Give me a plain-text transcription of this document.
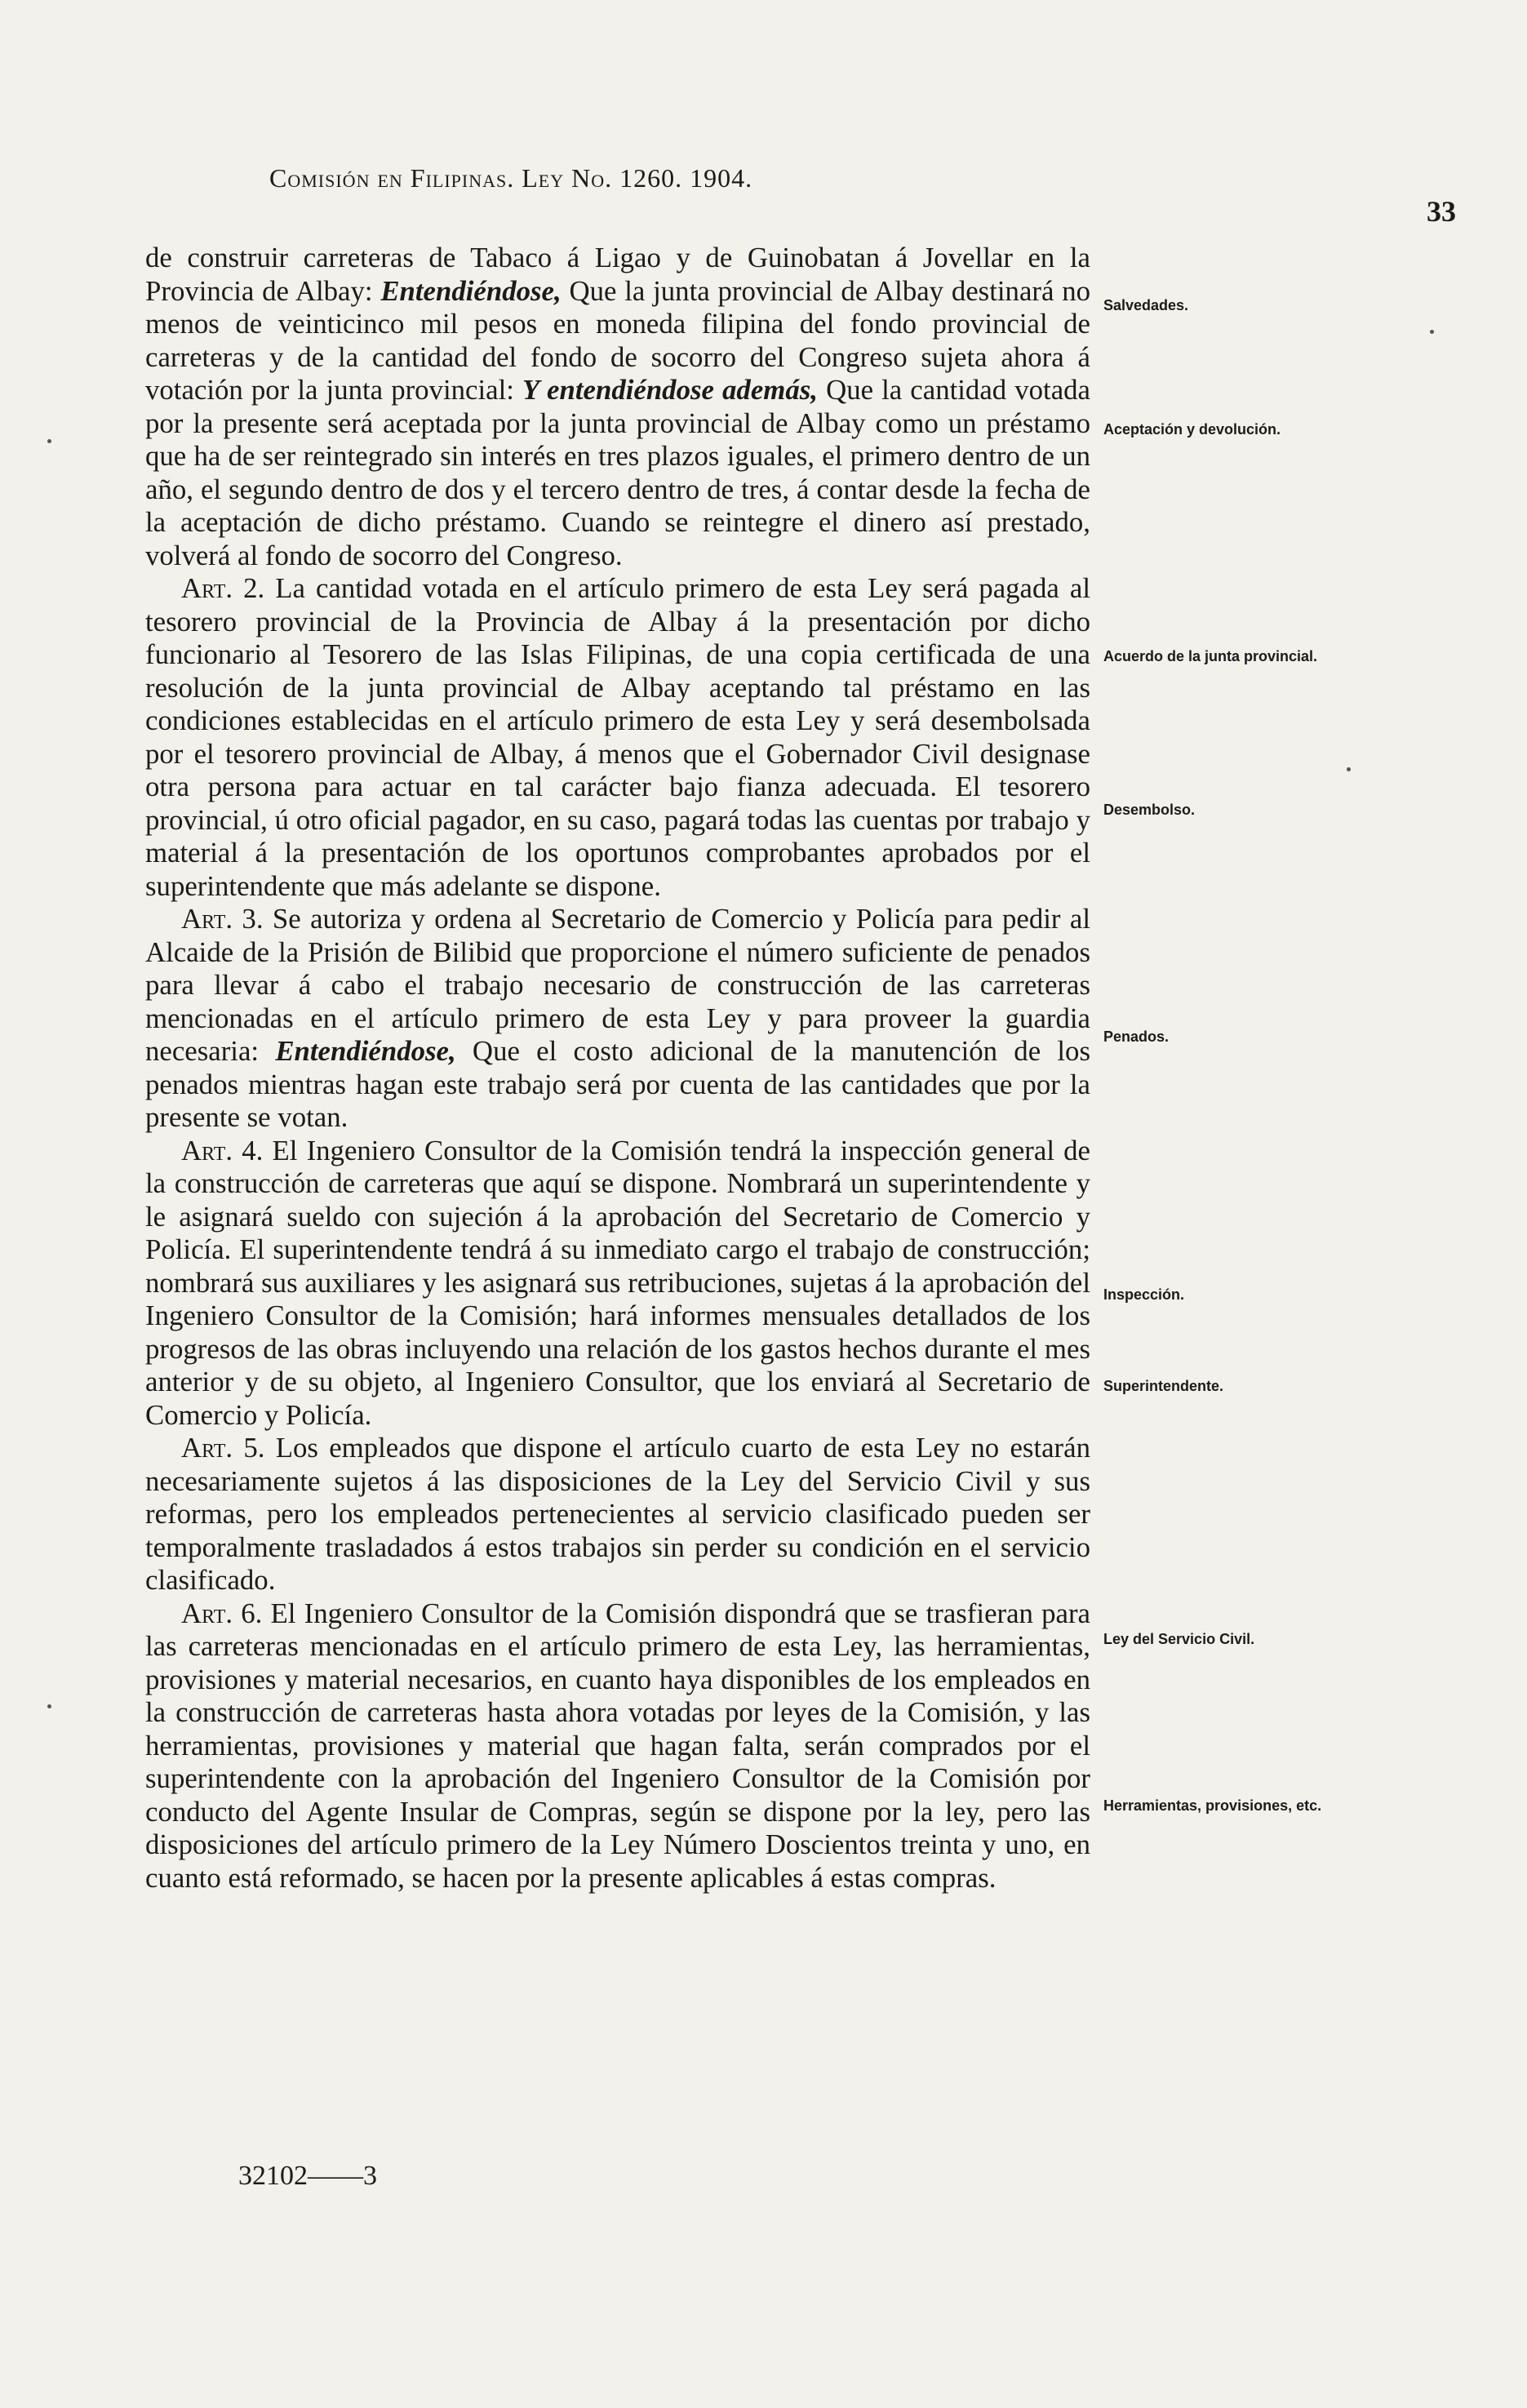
Comisión en Filipinas. Ley No. 1260. 1904.
33

de construir carreteras de Tabaco á Ligao y de Guinobatan á Jovellar en la Provincia de Albay: Entendiéndose, Que la junta provincial de Albay destinará no menos de veinticinco mil pesos en moneda filipina del fondo provincial de carreteras y de la cantidad del fondo de socorro del Congreso sujeta ahora á votación por la junta provincial: Y entendiéndose además, Que la cantidad votada por la presente será aceptada por la junta provincial de Albay como un préstamo que ha de ser reintegrado sin interés en tres plazos iguales, el primero dentro de un año, el segundo dentro de dos y el tercero dentro de tres, á contar desde la fecha de la aceptación de dicho préstamo. Cuando se reintegre el dinero así prestado, volverá al fondo de socorro del Congreso.

Art. 2. La cantidad votada en el artículo primero de esta Ley será pagada al tesorero provincial de la Provincia de Albay á la presentación por dicho funcionario al Tesorero de las Islas Filipinas, de una copia certificada de una resolución de la junta provincial de Albay aceptando tal préstamo en las condiciones establecidas en el artículo primero de esta Ley y será desembolsada por el tesorero provincial de Albay, á menos que el Gobernador Civil designase otra persona para actuar en tal carácter bajo fianza adecuada. El tesorero provincial, ú otro oficial pagador, en su caso, pagará todas las cuentas por trabajo y material á la presentación de los oportunos comprobantes aprobados por el superintendente que más adelante se dispone.

Art. 3. Se autoriza y ordena al Secretario de Comercio y Policía para pedir al Alcaide de la Prisión de Bilibid que proporcione el número suficiente de penados para llevar á cabo el trabajo necesario de construcción de las carreteras mencionadas en el artículo primero de esta Ley y para proveer la guardia necesaria: Entendiéndose, Que el costo adicional de la manutención de los penados mientras hagan este trabajo será por cuenta de las cantidades que por la presente se votan.

Art. 4. El Ingeniero Consultor de la Comisión tendrá la inspección general de la construcción de carreteras que aquí se dispone. Nombrará un superintendente y le asignará sueldo con sujeción á la aprobación del Secretario de Comercio y Policía. El superintendente tendrá á su inmediato cargo el trabajo de construcción; nombrará sus auxiliares y les asignará sus retribuciones, sujetas á la aprobación del Ingeniero Consultor de la Comisión; hará informes mensuales detallados de los progresos de las obras incluyendo una relación de los gastos hechos durante el mes anterior y de su objeto, al Ingeniero Consultor, que los enviará al Secretario de Comercio y Policía.

Art. 5. Los empleados que dispone el artículo cuarto de esta Ley no estarán necesariamente sujetos á las disposiciones de la Ley del Servicio Civil y sus reformas, pero los empleados pertenecientes al servicio clasificado pueden ser temporalmente trasladados á estos trabajos sin perder su condición en el servicio clasificado.

Art. 6. El Ingeniero Consultor de la Comisión dispondrá que se trasfieran para las carreteras mencionadas en el artículo primero de esta Ley, las herramientas, provisiones y material necesarios, en cuanto haya disponibles de los empleados en la construcción de carreteras hasta ahora votadas por leyes de la Comisión, y las herramientas, provisiones y material que hagan falta, serán comprados por el superintendente con la aprobación del Ingeniero Consultor de la Comisión por conducto del Agente Insular de Compras, según se dispone por la ley, pero las disposiciones del artículo primero de la Ley Número Doscientos treinta y uno, en cuanto está reformado, se hacen por la presente aplicables á estas compras.

Salvedades.
Aceptación y devolución.
Acuerdo de la junta provincial.
Desembolso.
Penados.
Inspección.
Superintendente.
Ley del Servicio Civil.
Herramientas, provisiones, etc.
32102——3
